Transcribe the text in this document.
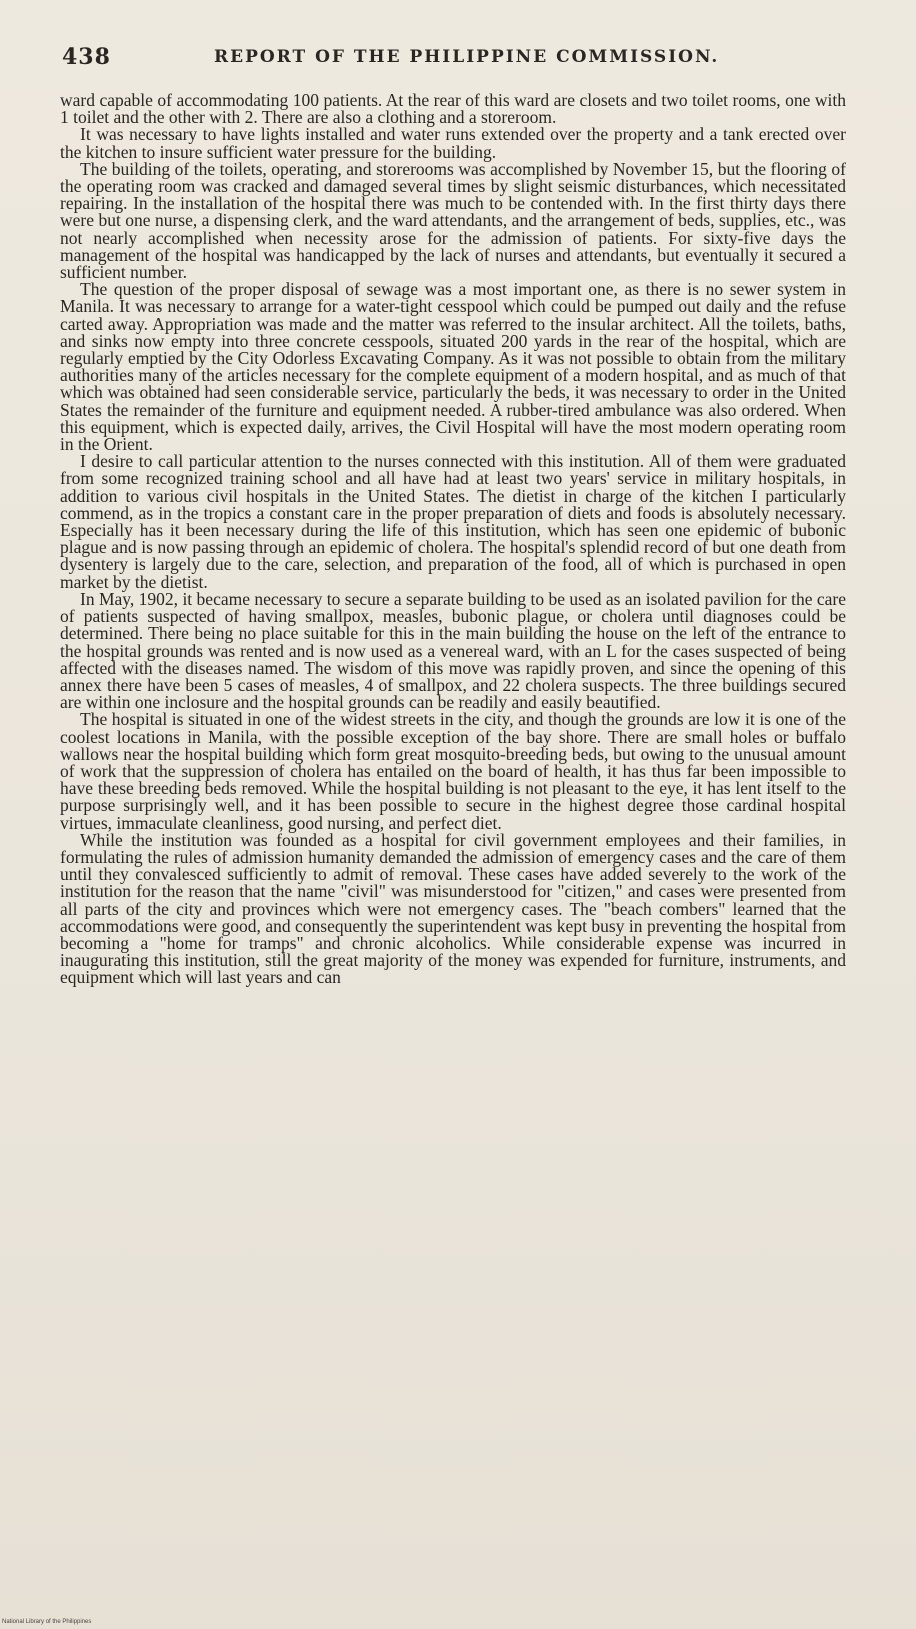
438	REPORT OF THE PHILIPPINE COMMISSION.

ward capable of accommodating 100 patients. At the rear of this ward are closets and two toilet rooms, one with 1 toilet and the other with 2. There are also a clothing and a storeroom.

It was necessary to have lights installed and water runs extended over the property and a tank erected over the kitchen to insure sufficient water pressure for the building.

The building of the toilets, operating, and storerooms was accomplished by November 15, but the flooring of the operating room was cracked and damaged several times by slight seismic disturbances, which necessitated repairing. In the installation of the hospital there was much to be contended with. In the first thirty days there were but one nurse, a dispensing clerk, and the ward attendants, and the arrangement of beds, supplies, etc., was not nearly accomplished when necessity arose for the admission of patients. For sixty-five days the management of the hospital was handicapped by the lack of nurses and attendants, but eventually it secured a sufficient number.

The question of the proper disposal of sewage was a most important one, as there is no sewer system in Manila. It was necessary to arrange for a water-tight cesspool which could be pumped out daily and the refuse carted away. Appropriation was made and the matter was referred to the insular architect. All the toilets, baths, and sinks now empty into three concrete cesspools, situated 200 yards in the rear of the hospital, which are regularly emptied by the City Odorless Excavating Company. As it was not possible to obtain from the military authorities many of the articles necessary for the complete equipment of a modern hospital, and as much of that which was obtained had seen considerable service, particularly the beds, it was necessary to order in the United States the remainder of the furniture and equipment needed. A rubber-tired ambulance was also ordered. When this equipment, which is expected daily, arrives, the Civil Hospital will have the most modern operating room in the Orient.

I desire to call particular attention to the nurses connected with this institution. All of them were graduated from some recognized training school and all have had at least two years' service in military hospitals, in addition to various civil hospitals in the United States. The dietist in charge of the kitchen I particularly commend, as in the tropics a constant care in the proper preparation of diets and foods is absolutely necessary. Especially has it been necessary during the life of this institution, which has seen one epidemic of bubonic plague and is now passing through an epidemic of cholera. The hospital's splendid record of but one death from dysentery is largely due to the care, selection, and preparation of the food, all of which is purchased in open market by the dietist.

In May, 1902, it became necessary to secure a separate building to be used as an isolated pavilion for the care of patients suspected of having smallpox, measles, bubonic plague, or cholera until diagnoses could be determined. There being no place suitable for this in the main building the house on the left of the entrance to the hospital grounds was rented and is now used as a venereal ward, with an L for the cases suspected of being affected with the diseases named. The wisdom of this move was rapidly proven, and since the opening of this annex there have been 5 cases of measles, 4 of smallpox, and 22 cholera suspects. The three buildings secured are within one inclosure and the hospital grounds can be readily and easily beautified.

The hospital is situated in one of the widest streets in the city, and though the grounds are low it is one of the coolest locations in Manila, with the possible exception of the bay shore. There are small holes or buffalo wallows near the hospital building which form great mosquito-breeding beds, but owing to the unusual amount of work that the suppression of cholera has entailed on the board of health, it has thus far been impossible to have these breeding beds removed. While the hospital building is not pleasant to the eye, it has lent itself to the purpose surprisingly well, and it has been possible to secure in the highest degree those cardinal hospital virtues, immaculate cleanliness, good nursing, and perfect diet.

While the institution was founded as a hospital for civil government employees and their families, in formulating the rules of admission humanity demanded the admission of emergency cases and the care of them until they convalesced sufficiently to admit of removal. These cases have added severely to the work of the institution for the reason that the name "civil" was misunderstood for "citizen," and cases were presented from all parts of the city and provinces which were not emergency cases. The "beach combers" learned that the accommodations were good, and consequently the superintendent was kept busy in preventing the hospital from becoming a "home for tramps" and chronic alcoholics. While considerable expense was incurred in inaugurating this institution, still the great majority of the money was expended for furniture, instruments, and equipment which will last years and can

National Library of the Philippines
